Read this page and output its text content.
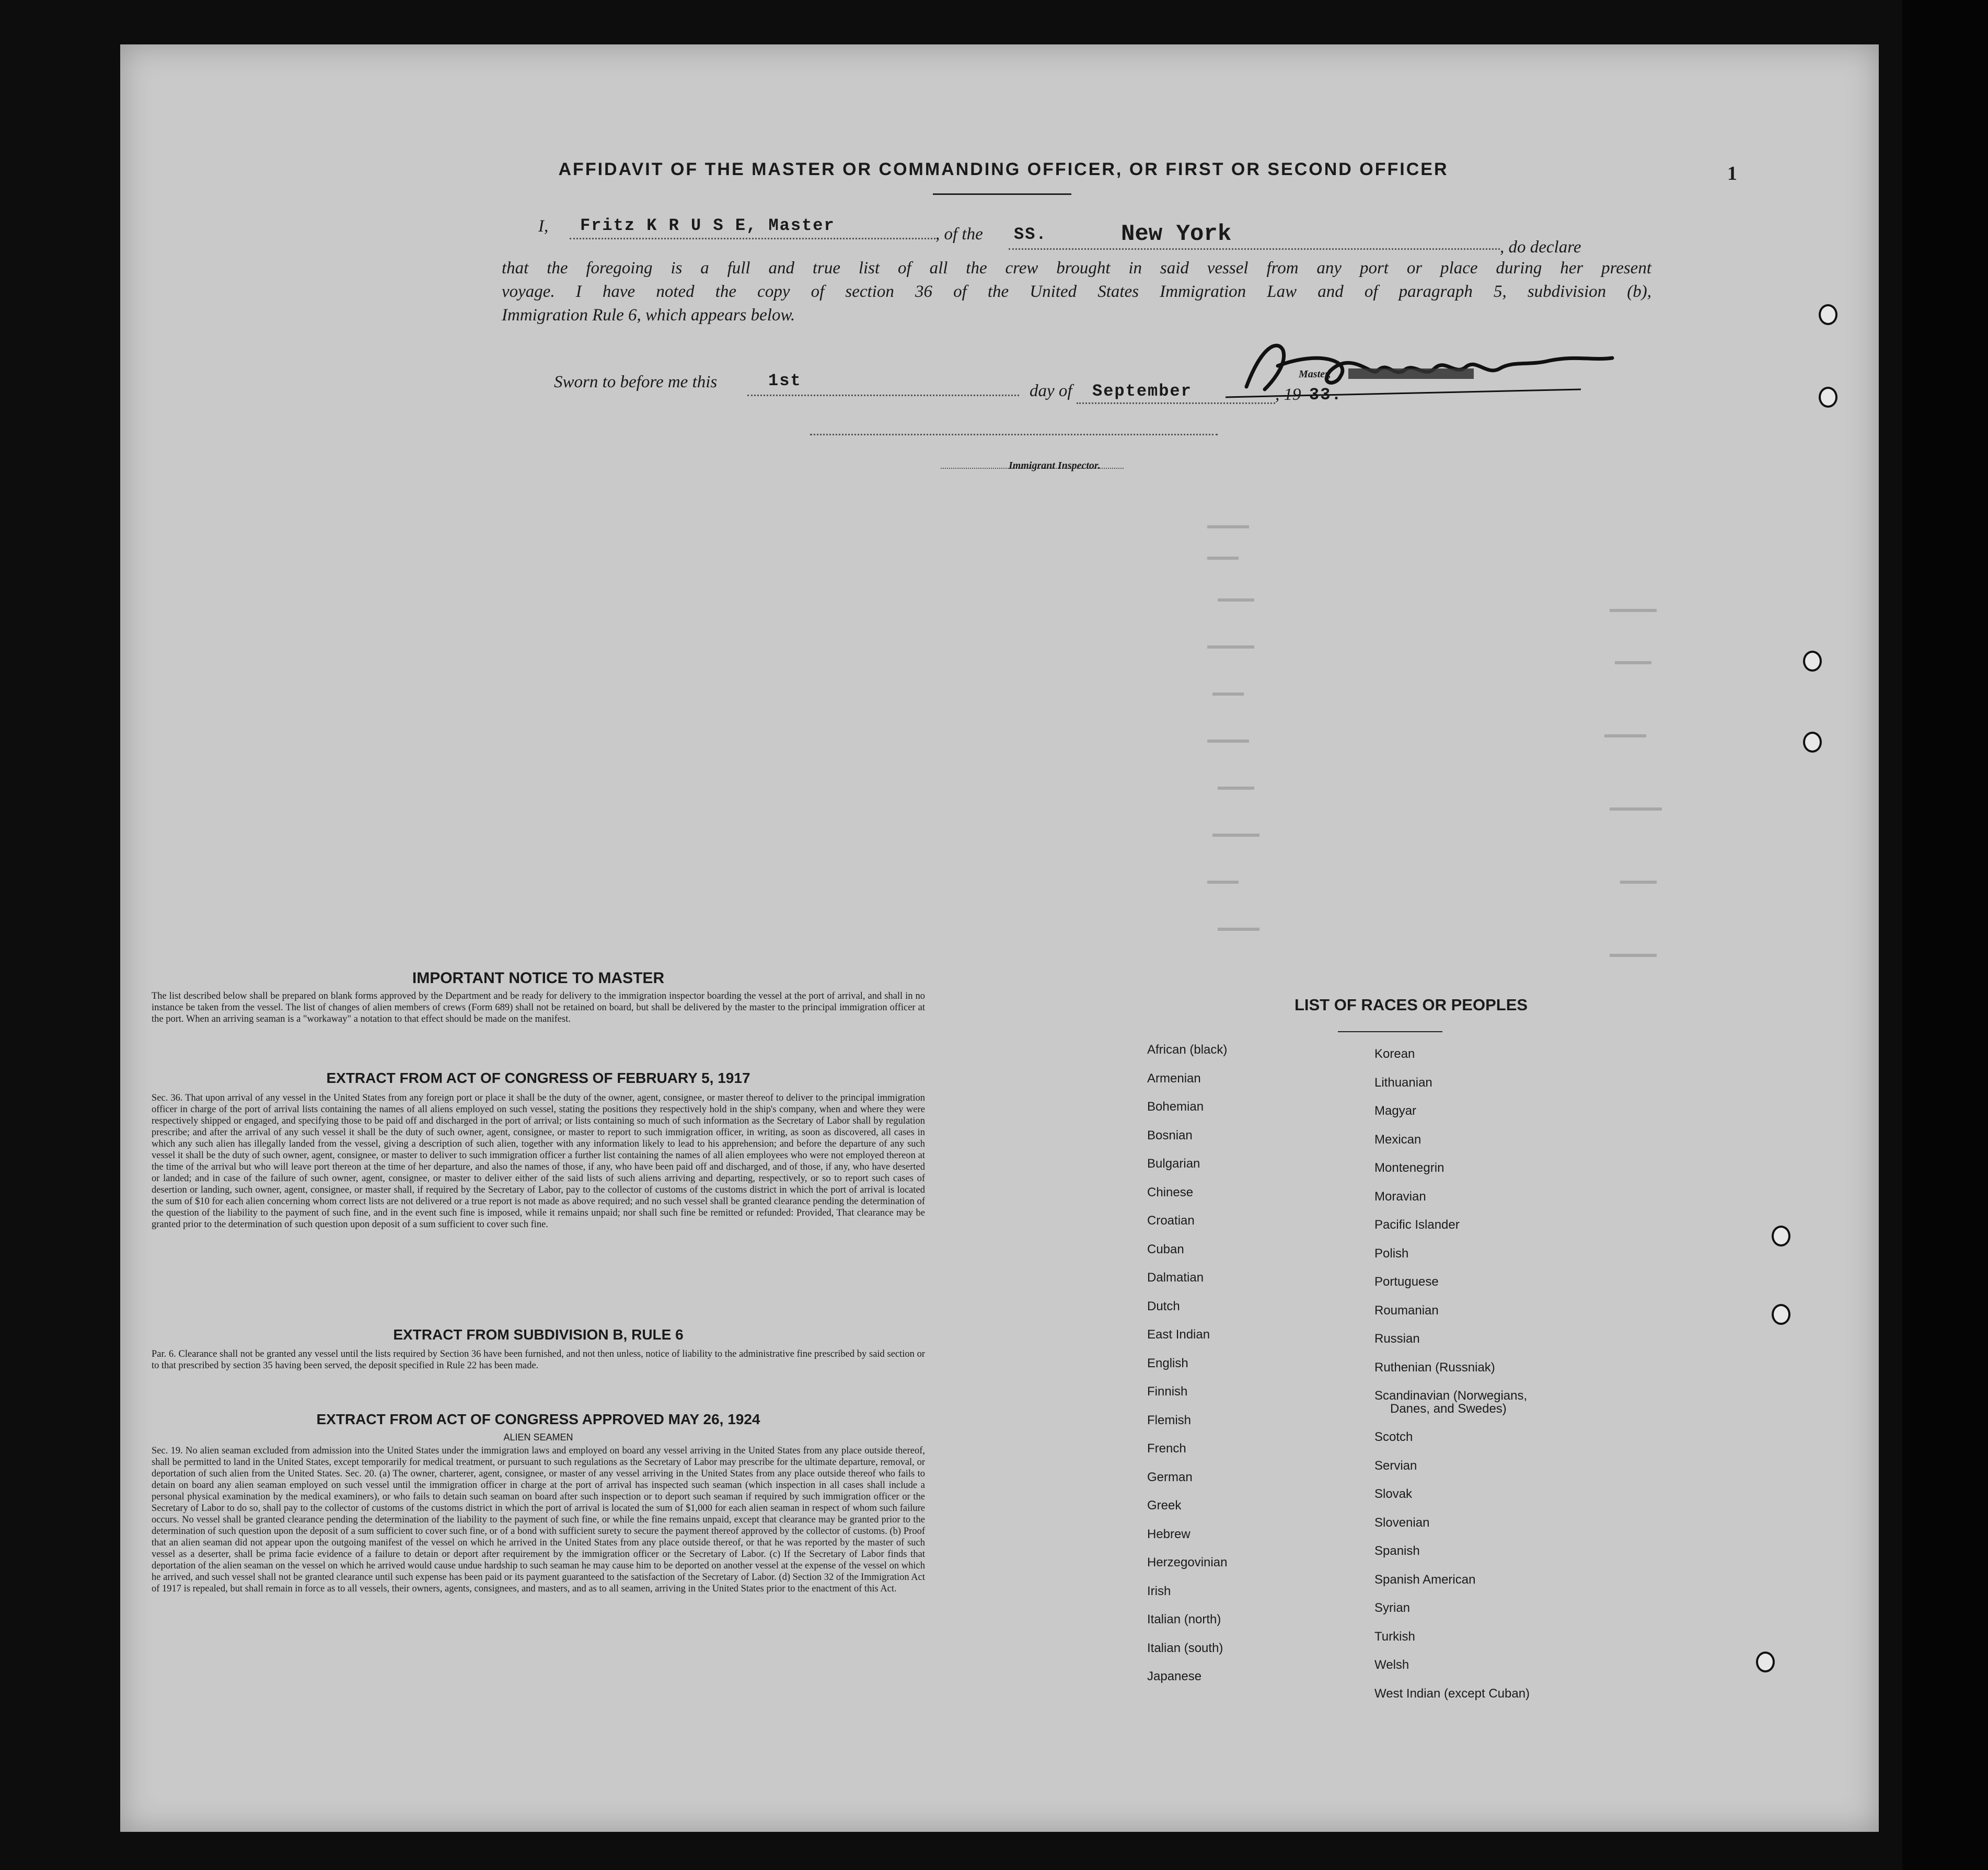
AFFIDAVIT OF THE MASTER OR COMMANDING OFFICER, OR FIRST OR SECOND OFFICER	1
I, Fritz K R U S E, Master	, of the SS.	New York	, do declare
that the foregoing is a full and true list of all the crew brought in said vessel from any port or place during her present
voyage. I have noted the copy of section 36 of the United States Immigration Law and of paragraph 5, subdivision (b),
Immigration Rule 6, which appears below.
Master,
Sworn to before me this	1st
day of September	, 19 33.
Immigrant Inspector.
IMPORTANT NOTICE TO MASTER
The list described below shall be prepared on blank forms approved by the Department and be ready for delivery to the immigration inspector boarding the vessel at the port of arrival, and shall in no instance be taken from the vessel. The list of changes of alien members of crews (Form 689) shall not be retained on board, but shall be delivered by the master to the principal immigration officer at the port. When an arriving seaman is a "workaway" a notation to that effect should be made on the manifest.
EXTRACT FROM ACT OF CONGRESS OF FEBRUARY 5, 1917
Sec. 36. That upon arrival of any vessel in the United States from any foreign port or place it shall be the duty of the owner, agent, consignee, or master thereof to deliver to the principal immigration officer in charge of the port of arrival lists containing the names of all aliens employed on such vessel, stating the positions they respectively hold in the ship's company, when and where they were respectively shipped or engaged, and specifying those to be paid off and discharged in the port of arrival; or lists containing so much of such information as the Secretary of Labor shall by regulation prescribe; and after the arrival of any such vessel it shall be the duty of such owner, agent, consignee, or master to report to such immigration officer, in writing, as soon as discovered, all cases in which any such alien has illegally landed from the vessel, giving a description of such alien, together with any information likely to lead to his apprehension; and before the departure of any such vessel it shall be the duty of such owner, agent, consignee, or master to deliver to such immigration officer a further list containing the names of all alien employees who were not employed thereon at the time of the arrival but who will leave port thereon at the time of her departure, and also the names of those, if any, who have been paid off and discharged, and of those, if any, who have deserted or landed; and in case of the failure of such owner, agent, consignee, or master to deliver either of the said lists of such aliens arriving and departing, respectively, or so to report such cases of desertion or landing, such owner, agent, consignee, or master shall, if required by the Secretary of Labor, pay to the collector of customs of the customs district in which the port of arrival is located the sum of $10 for each alien concerning whom correct lists are not delivered or a true report is not made as above required; and no such vessel shall be granted clearance pending the determination of the question of the liability to the payment of such fine, and in the event such fine is imposed, while it remains unpaid; nor shall such fine be remitted or refunded: Provided, That clearance may be granted prior to the determination of such question upon deposit of a sum sufficient to cover such fine.
EXTRACT FROM SUBDIVISION B, RULE 6
Par. 6. Clearance shall not be granted any vessel until the lists required by Section 36 have been furnished, and not then unless, notice of liability to the administrative fine prescribed by said section or to that prescribed by section 35 having been served, the deposit specified in Rule 22 has been made.
EXTRACT FROM ACT OF CONGRESS APPROVED MAY 26, 1924
ALIEN SEAMEN
Sec. 19. No alien seaman excluded from admission into the United States under the immigration laws and employed on board any vessel arriving in the United States from any place outside thereof, shall be permitted to land in the United States, except temporarily for medical treatment, or pursuant to such regulations as the Secretary of Labor may prescribe for the ultimate departure, removal, or deportation of such alien from the United States. Sec. 20. (a) The owner, charterer, agent, consignee, or master of any vessel arriving in the United States from any place outside thereof who fails to detain on board any alien seaman employed on such vessel until the immigration officer in charge at the port of arrival has inspected such seaman (which inspection in all cases shall include a personal physical examination by the medical examiners), or who fails to detain such seaman on board after such inspection or to deport such seaman if required by such immigration officer or the Secretary of Labor to do so, shall pay to the collector of customs of the customs district in which the port of arrival is located the sum of $1,000 for each alien seaman in respect of whom such failure occurs. No vessel shall be granted clearance pending the determination of the liability to the payment of such fine, or while the fine remains unpaid, except that clearance may be granted prior to the determination of such question upon the deposit of a sum sufficient to cover such fine, or of a bond with sufficient surety to secure the payment thereof approved by the collector of customs. (b) Proof that an alien seaman did not appear upon the outgoing manifest of the vessel on which he arrived in the United States from any place outside thereof, or that he was reported by the master of such vessel as a deserter, shall be prima facie evidence of a failure to detain or deport after requirement by the immigration officer or the Secretary of Labor. (c) If the Secretary of Labor finds that deportation of the alien seaman on the vessel on which he arrived would cause undue hardship to such seaman he may cause him to be deported on another vessel at the expense of the vessel on which he arrived, and such vessel shall not be granted clearance until such expense has been paid or its payment guaranteed to the satisfaction of the Secretary of Labor. (d) Section 32 of the Immigration Act of 1917 is repealed, but shall remain in force as to all vessels, their owners, agents, consignees, and masters, and as to all seamen, arriving in the United States prior to the enactment of this Act.
LIST OF RACES OR PEOPLES
African (black)
Armenian
Bohemian
Bosnian
Bulgarian
Chinese
Croatian
Cuban
Dalmatian
Dutch
East Indian
English
Finnish
Flemish
French
German
Greek
Hebrew
Herzegovinian
Irish
Italian (north)
Italian (south)
Japanese
Korean
Lithuanian
Magyar
Mexican
Montenegrin
Moravian
Pacific Islander
Polish
Portuguese
Roumanian
Russian
Ruthenian (Russniak)
Scandinavian (Norwegians,
Danes, and Swedes)
Scotch
Servian
Slovak
Slovenian
Spanish
Spanish American
Syrian
Turkish
Welsh
West Indian (except Cuban)
